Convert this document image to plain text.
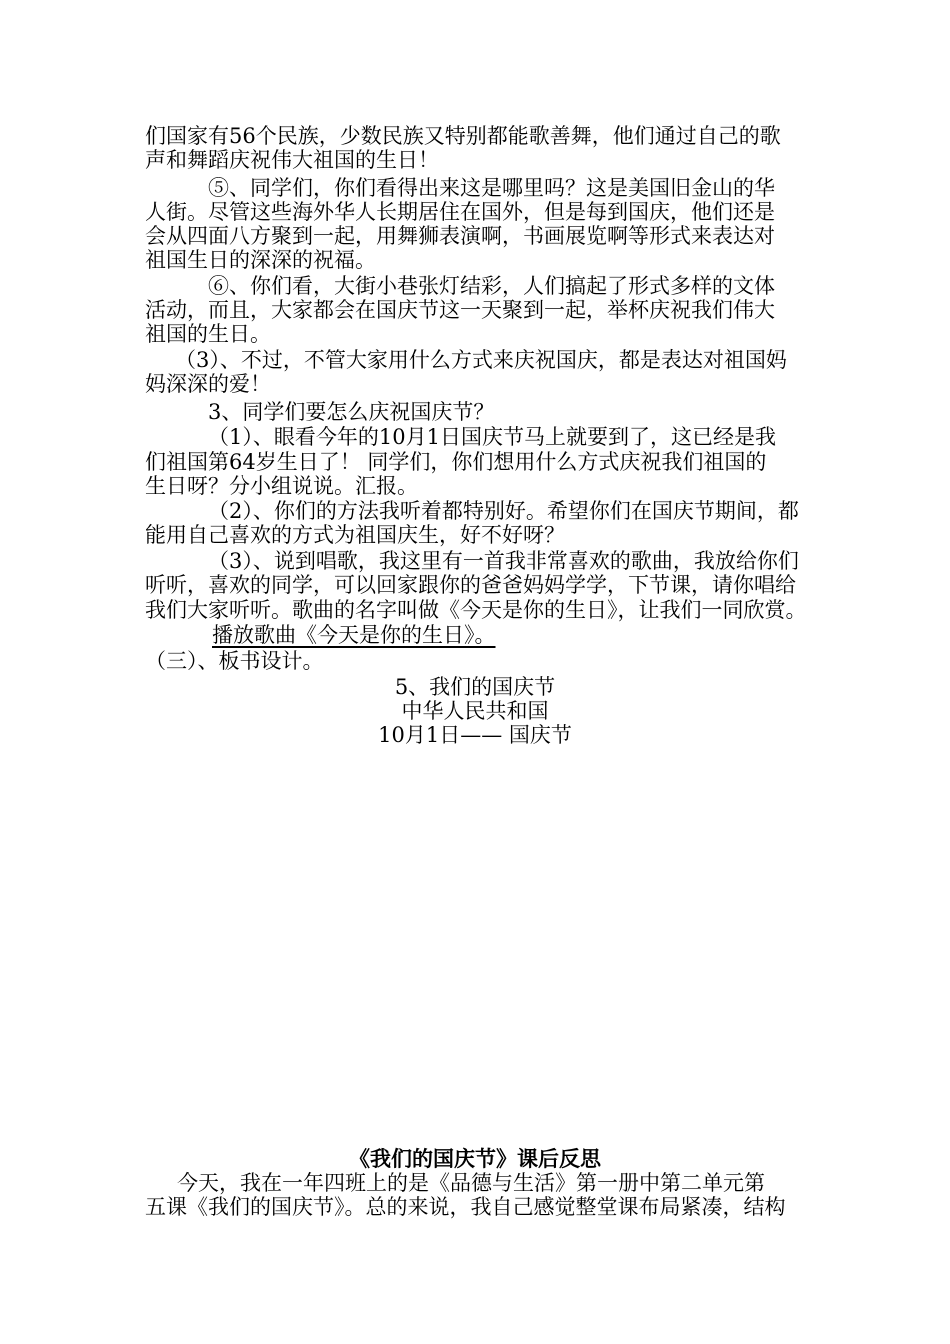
们国家有56个民族，少数民族又特别都能歌善舞，他们通过自己的歌
声和舞蹈庆祝伟大祖国的生日！
⑤、同学们，你们看得出来这是哪里吗？这是美国旧金山的华
人街。尽管这些海外华人长期居住在国外，但是每到国庆，他们还是
会从四面八方聚到一起，用舞狮表演啊，书画展览啊等形式来表达对
祖国生日的深深的祝福。
⑥、你们看，大街小巷张灯结彩，人们搞起了形式多样的文体
活动，而且，大家都会在国庆节这一天聚到一起，举杯庆祝我们伟大
祖国的生日。
（3）、不过，不管大家用什么方式来庆祝国庆，都是表达对祖国妈
妈深深的爱！
3、同学们要怎么庆祝国庆节？
（1）、眼看今年的10月1日国庆节马上就要到了，这已经是我
们祖国第64岁生日了！ 同学们，你们想用什么方式庆祝我们祖国的
生日呀？分小组说说。汇报。
（2）、你们的方法我听着都特别好。希望你们在国庆节期间，都
能用自己喜欢的方式为祖国庆生，好不好呀？
（3）、说到唱歌，我这里有一首我非常喜欢的歌曲，我放给你们
听听，喜欢的同学，可以回家跟你的爸爸妈妈学学，下节课，请你唱给
我们大家听听。歌曲的名字叫做《今天是你的生日》，让我们一同欣赏。
播放歌曲《今天是你的生日》。
（三）、板书设计。
5、我们的国庆节
中华人民共和国
10月1日—— 国庆节
《我们的国庆节》课后反思
今天，我在一年四班上的是《品德与生活》第一册中第二单元第
五课《我们的国庆节》。总的来说，我自己感觉整堂课布局紧凑，结构
